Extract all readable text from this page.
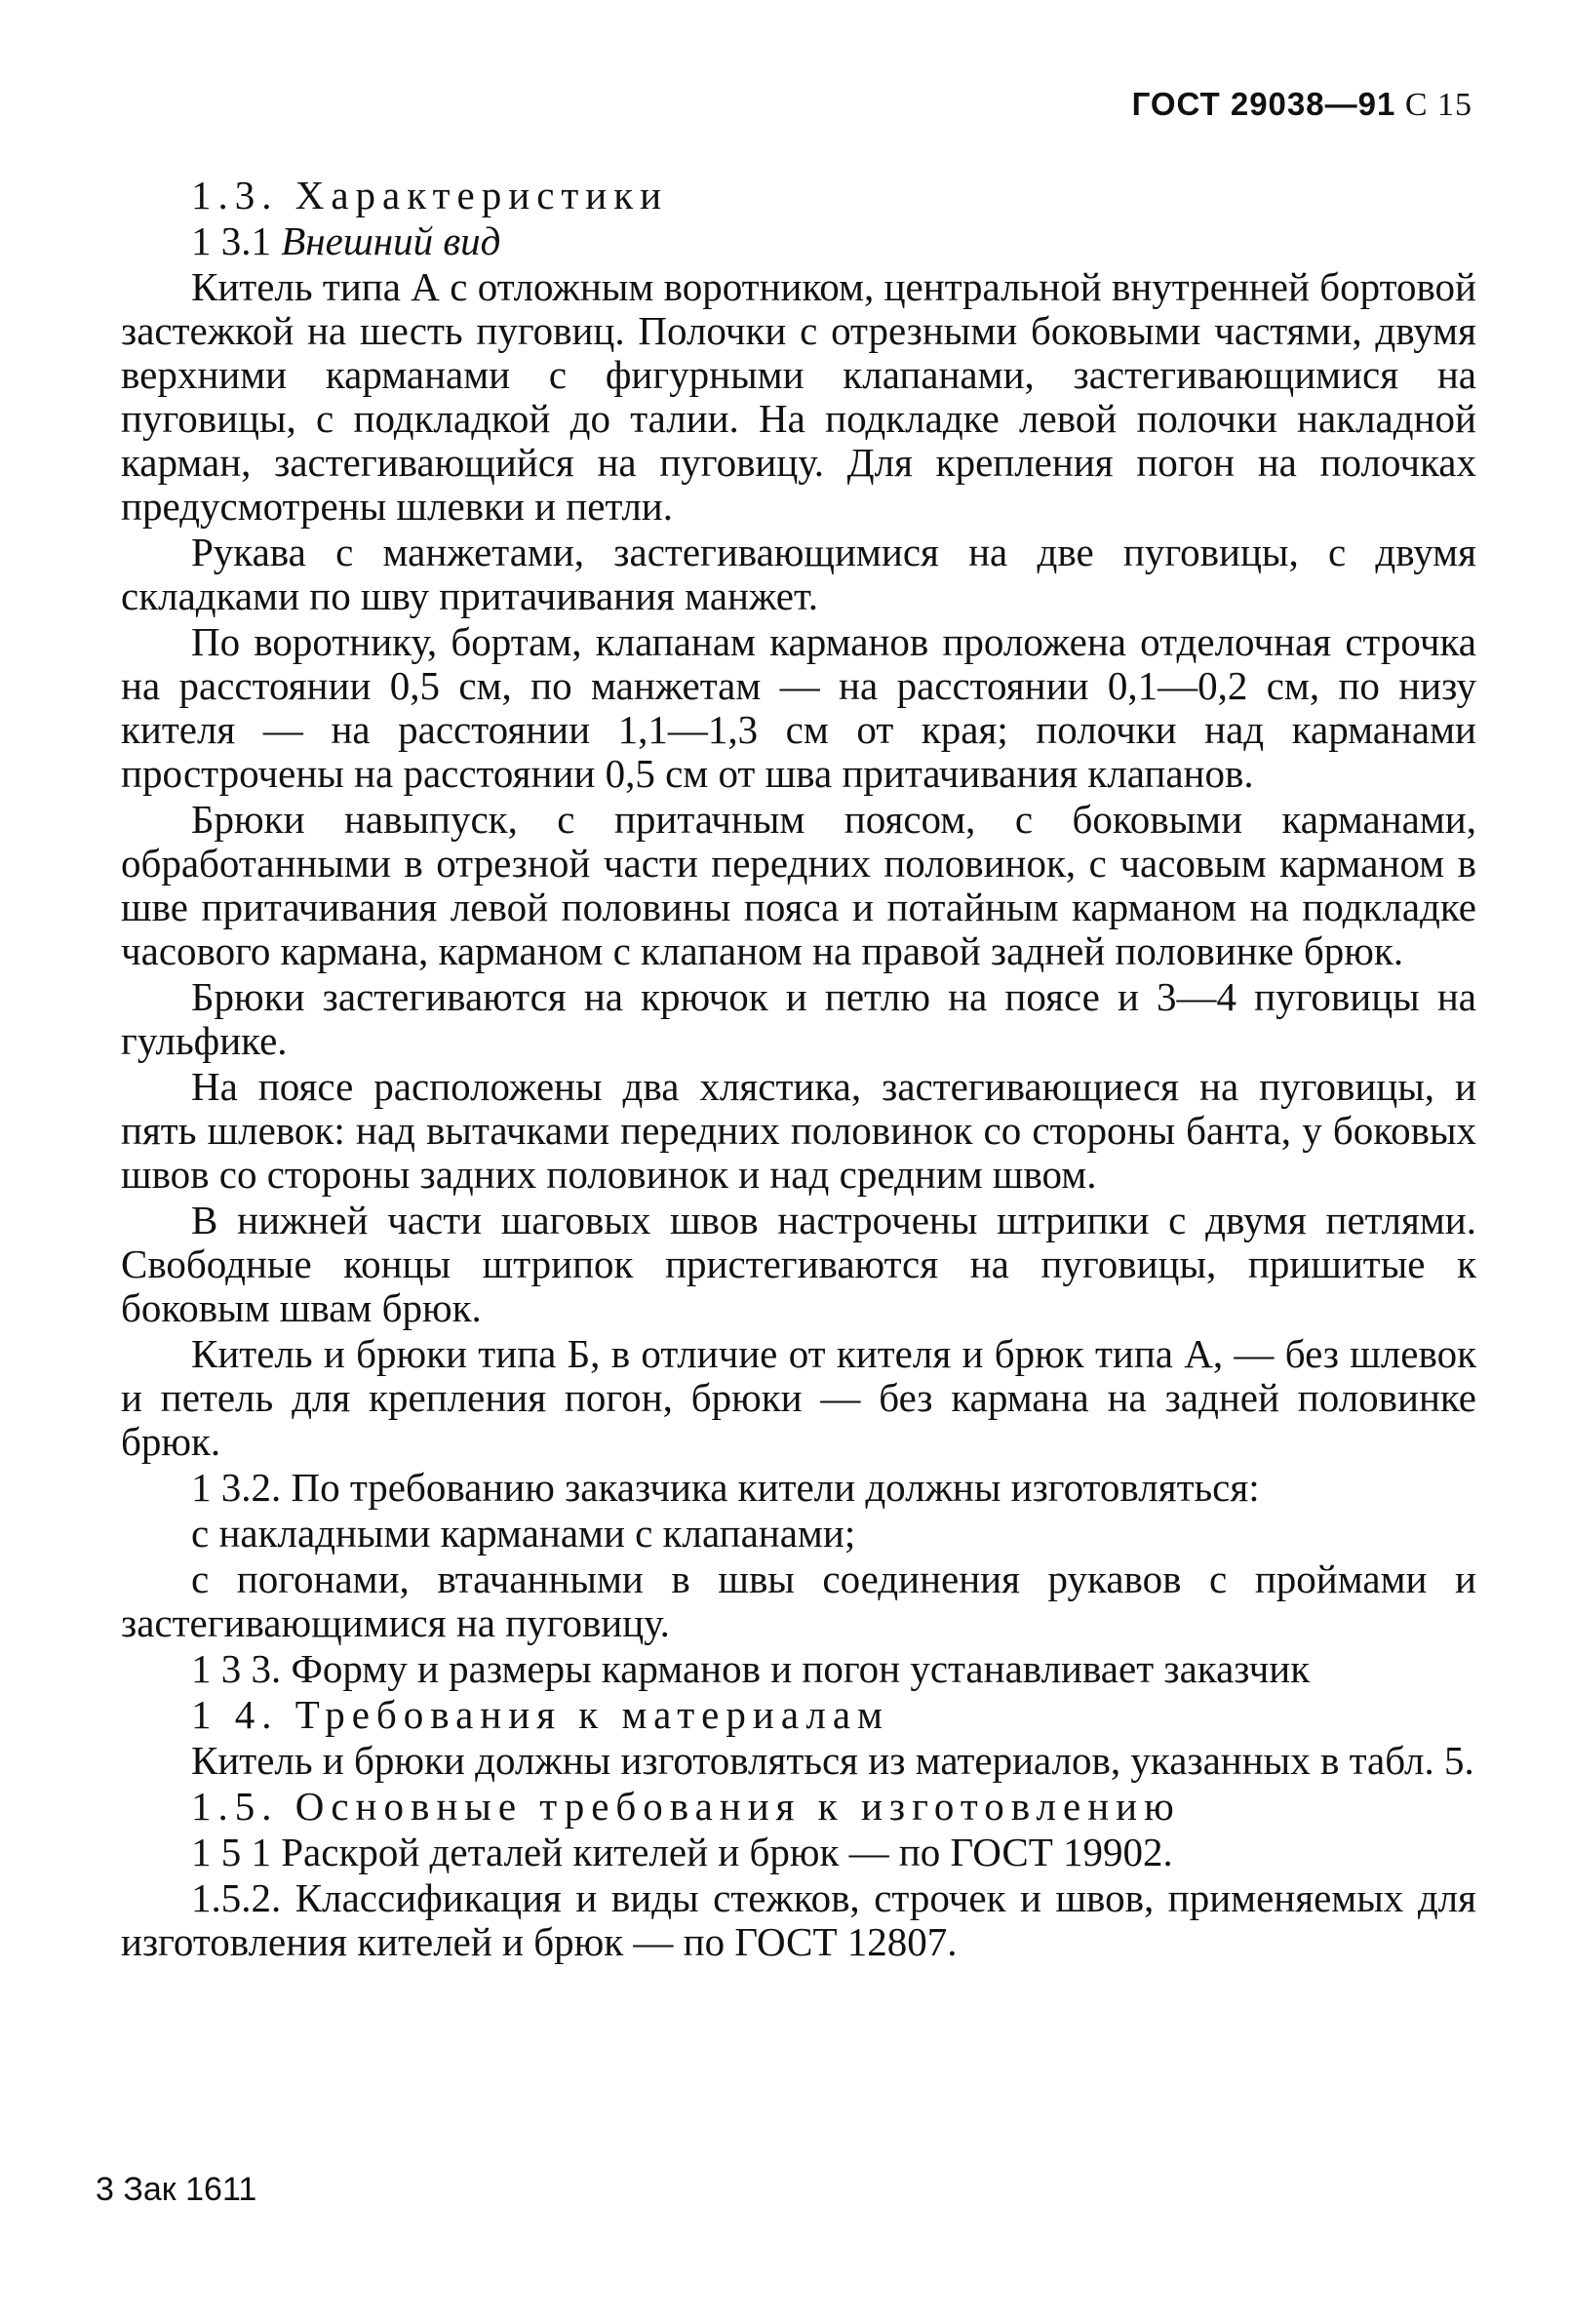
ГОСТ 29038—91 С 15

1.3. Характеристики

1 3.1 Внешний вид

Китель типа А с отложным воротником, центральной внутренней бортовой застежкой на шесть пуговиц. Полочки с отрезными боковыми частями, двумя верхними карманами с фигурными клапанами, застегивающимися на пуговицы, с подкладкой до талии. На подкладке левой полочки накладной карман, застегивающийся на пуговицу. Для крепления погон на полочках предусмотрены шлевки и петли.

Рукава с манжетами, застегивающимися на две пуговицы, с двумя складками по шву притачивания манжет.

По воротнику, бортам, клапанам карманов проложена отделочная строчка на расстоянии 0,5 см, по манжетам — на расстоянии 0,1—0,2 см, по низу кителя — на расстоянии 1,1—1,3 см от края; полочки над карманами прострочены на расстоянии 0,5 см от шва притачивания клапанов.

Брюки навыпуск, с притачным поясом, с боковыми карманами, обработанными в отрезной части передних половинок, с часовым карманом в шве притачивания левой половины пояса и потайным карманом на подкладке часового кармана, карманом с клапаном на правой задней половинке брюк.

Брюки застегиваются на крючок и петлю на поясе и 3—4 пуговицы на гульфике.

На поясе расположены два хлястика, застегивающиеся на пуговицы, и пять шлевок: над вытачками передних половинок со стороны банта, у боковых швов со стороны задних половинок и над средним швом.

В нижней части шаговых швов настрочены штрипки с двумя петлями. Свободные концы штрипок пристегиваются на пуговицы, пришитые к боковым швам брюк.

Китель и брюки типа Б, в отличие от кителя и брюк типа А, — без шлевок и петель для крепления погон, брюки — без кармана на задней половинке брюк.

1 3.2. По требованию заказчика кители должны изготовляться:

с накладными карманами с клапанами;

с погонами, втачанными в швы соединения рукавов с проймами и застегивающимися на пуговицу.

1 3 3. Форму и размеры карманов и погон устанавливает заказчик

1 4. Требования к материалам

Китель и брюки должны изготовляться из материалов, указанных в табл. 5.

1.5. Основные требования к изготовлению

1 5 1 Раскрой деталей кителей и брюк — по ГОСТ 19902.

1.5.2. Классификация и виды стежков, строчек и швов, применяемых для изготовления кителей и брюк — по ГОСТ 12807.

3 Зак 1611
